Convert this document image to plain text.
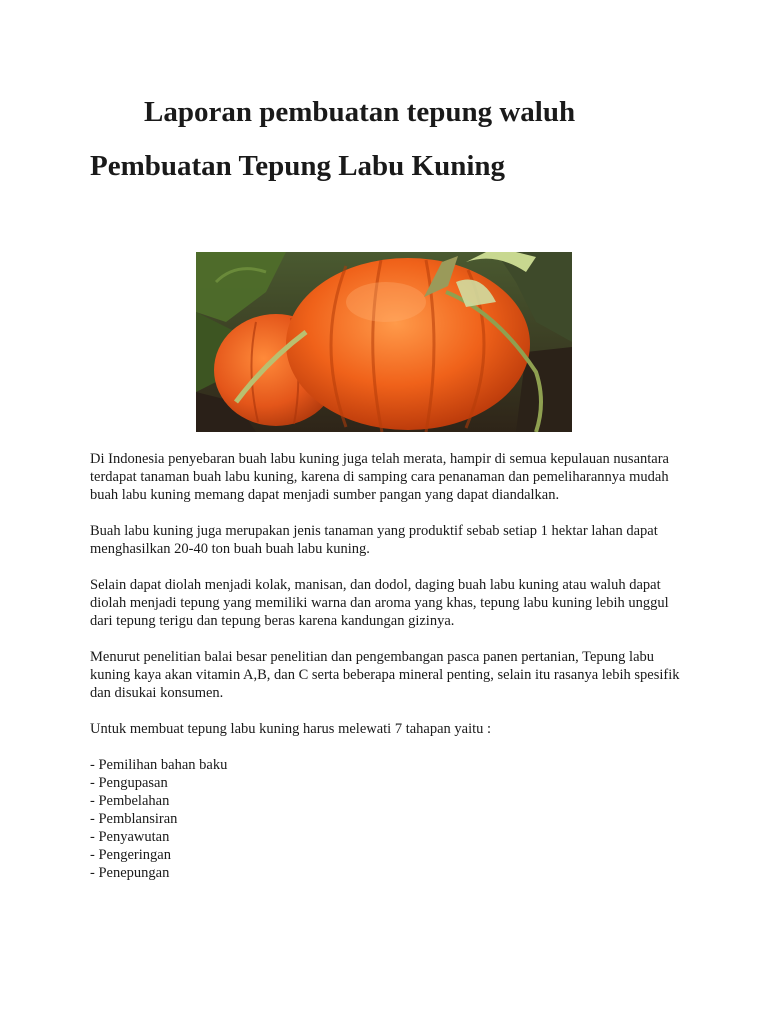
Laporan pembuatan tepung waluh
Pembuatan Tepung Labu Kuning

Di Indonesia penyebaran buah labu kuning juga telah merata, hampir di semua kepulauan nusantara terdapat tanaman buah labu kuning, karena di samping cara penanaman dan pemeliharannya mudah buah labu kuning memang dapat menjadi sumber pangan yang dapat diandalkan.

Buah labu kuning juga merupakan jenis tanaman yang produktif sebab setiap 1 hektar lahan dapat menghasilkan 20-40 ton buah buah labu kuning.

Selain dapat diolah menjadi kolak, manisan, dan dodol, daging buah labu kuning atau waluh dapat diolah menjadi tepung yang memiliki warna dan aroma yang khas, tepung labu kuning lebih unggul dari tepung terigu dan tepung beras karena kandungan gizinya.

Menurut penelitian balai besar penelitian dan pengembangan pasca panen pertanian, Tepung labu kuning kaya akan vitamin A,B, dan C serta beberapa mineral penting, selain itu rasanya lebih spesifik dan disukai konsumen.

Untuk membuat tepung labu kuning harus melewati 7 tahapan yaitu :

- Pemilihan bahan baku
- Pengupasan
- Pembelahan
- Pemblansiran
- Penyawutan
- Pengeringan
- Penepungan
